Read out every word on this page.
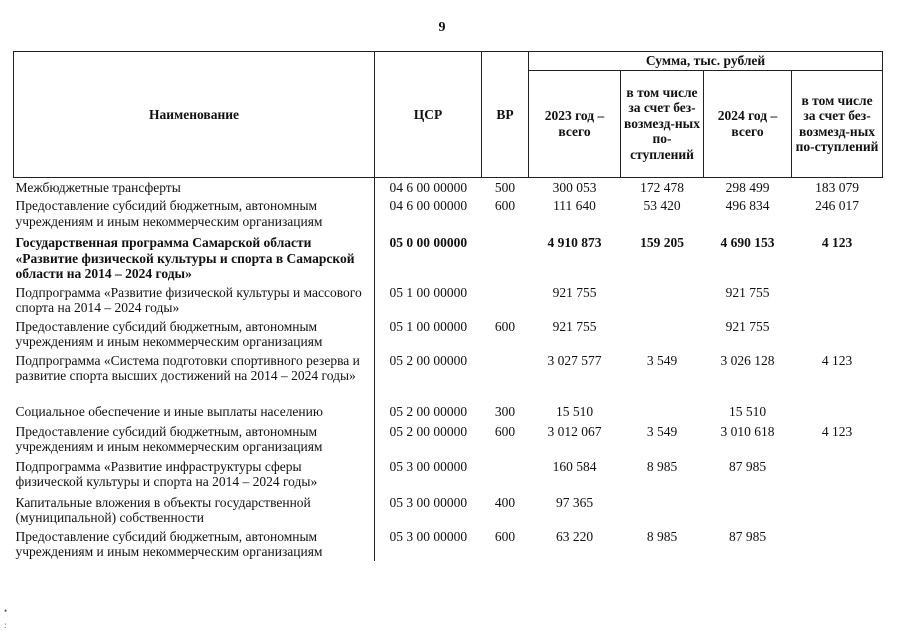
9
Наименование	ЦСР	ВР	Сумма, тыс. рублей			
			2023 год – всего	в том числе за счет без-возмезд-ных по-ступлений	2024 год – всего	в том числе за счет без-возмезд-ных по-ступлений
Межбюджетные трансферты	04 6 00 00000	500	300 053	172 478	298 499	183 079
Предоставление субсидий бюджетным, автономным учреждениям и иным некоммерческим организациям	04 6 00 00000	600	111 640	53 420	496 834	246 017
Государственная программа Самарской области «Развитие физической культуры и спорта в Самарской области на 2014 – 2024 годы»	05 0 00 00000		4 910 873	159 205	4 690 153	4 123
Подпрограмма «Развитие физической культуры и массового спорта на 2014 – 2024 годы»	05 1 00 00000		921 755		921 755	
Предоставление субсидий бюджетным, автономным учреждениям и иным некоммерческим организациям	05 1 00 00000	600	921 755		921 755	
Подпрограмма «Система подготовки спортивного резерва и развитие спорта высших достижений на 2014 – 2024 годы»	05 2 00 00000		3 027 577	3 549	3 026 128	4 123
Социальное обеспечение и иные выплаты населению	05 2 00 00000	300	15 510		15 510	
Предоставление субсидий бюджетным, автономным учреждениям и иным некоммерческим организациям	05 2 00 00000	600	3 012 067	3 549	3 010 618	4 123
Подпрограмма «Развитие инфраструктуры сферы физической культуры и спорта на 2014 – 2024 годы»	05 3 00 00000		160 584	8 985	87 985	
Капитальные вложения в объекты государственной (муниципальной) собственности	05 3 00 00000	400	97 365			
Предоставление субсидий бюджетным, автономным учреждениям и иным некоммерческим организациям	05 3 00 00000	600	63 220	8 985	87 985	
•
:
